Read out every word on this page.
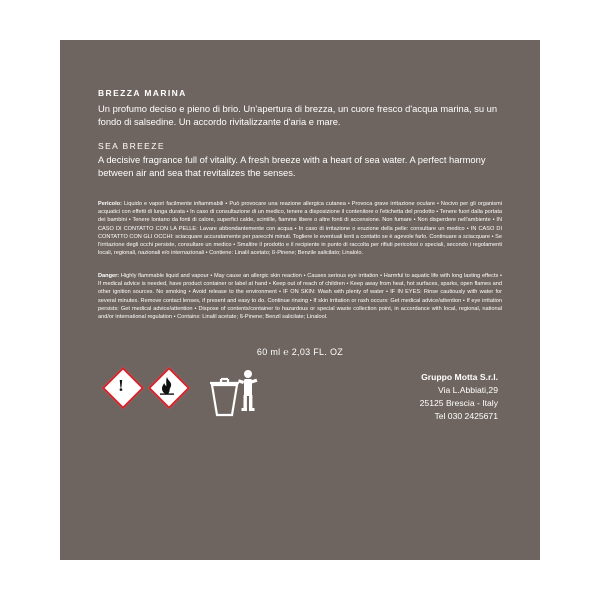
BREZZA MARINA
Un profumo deciso e pieno di brio. Un'apertura di brezza, un cuore fresco d'acqua marina, su un fondo di salsedine. Un accordo rivitalizzante d'aria e mare.
SEA BREEZE
A decisive fragrance full of vitality. A fresh breeze with a heart of sea water. A perfect harmony between air and sea that revitalizes the senses.

Pericolo: Liquido e vapori facilmente infiammabili • Può provocare una reazione allergica cutanea • Provoca grave irritazione oculare • Nocivo per gli organismi acquatici con effetti di lunga durata • In caso di consultazione di un medico, tenere a disposizione il contenitore o l'etichetta del prodotto • Tenere fuori dalla portata dei bambini • Tenere lontano da fonti di calore, superfici calde, scintille, fiamme libere o altre fonti di accensione. Non fumare • Non disperdere nell'ambiente • IN CASO DI CONTATTO CON LA PELLE: Lavare abbondantemente con acqua • In caso di irritazione o eruzione della pelle: consultare un medico • IN CASO DI CONTATTO CON GLI OCCHI: sciacquare accuratamente per parecchi minuti. Togliere le eventuali lenti a contatto se è agevole farlo. Continuare a sciacquare • Se l'irritazione degli occhi persiste, consultare un medico • Smaltire il prodotto e il recipiente in punto di raccolta per rifiuti pericolosi o speciali, secondo i regolamenti locali, regionali, nazionali e/o internazionali • Contiene: Linalil acetato; ß-Pinene; Benzile salicilato; Linalolo.

Danger: Highly flammable liquid and vapour • May cause an allergic skin reaction • Causes serious eye irritation • Harmful to aquatic life with long lasting effects • If medical advice is needed, have product container or label at hand • Keep out of reach of children • Keep away from heat, hot surfaces, sparks, open flames and other ignition sources. No smoking • Avoid release to the environment • IF ON SKIN: Wash with plenty of water • IF IN EYES: Rinse cautiously with water for several minutes. Remove contact lenses, if present and easy to do. Continue rinsing • If skin irritation or rash occurs: Get medical advice/attention • If eye irritation persists: Get medical advice/attention • Dispose of contents/container to hazardous or special waste collection point, in accordance with local, regional, national and/or international regulation • Contains: Linalil acetate; ß-Pinene; Benzil salicilate; Linalool.

60 ml ℮ 2,03 FL. OZ
!	Gruppo Motta S.r.l.
Via L.Abbiati,29
25125 Brescia - Italy
Tel 030 2425671
